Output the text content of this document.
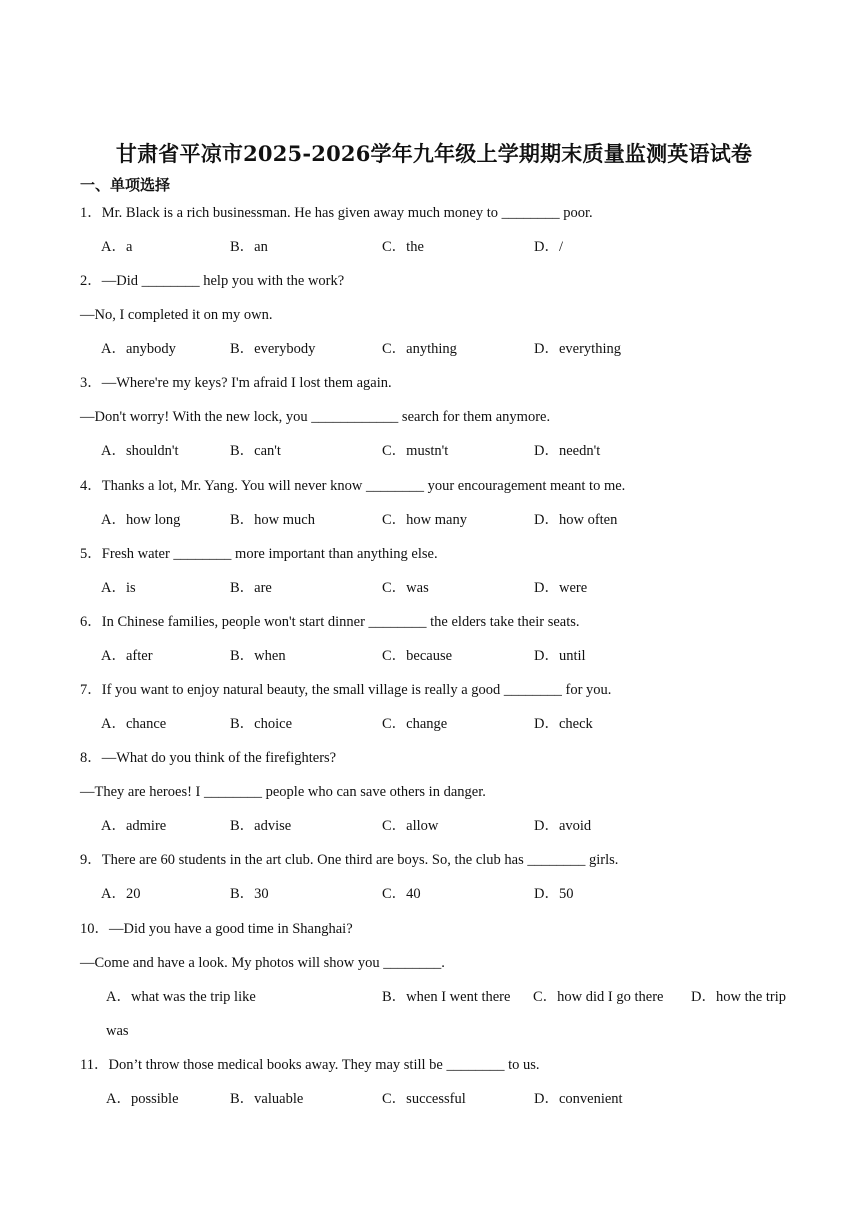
甘肃省平凉市2025-2026学年九年级上学期期末质量监测英语试卷
一、单项选择
1．Mr. Black is a rich businessman. He has given away much money to ________ poor.
A．a	B．an	C．the	D．/
2．—Did ________ help you with the work?
—No, I completed it on my own.
A．anybody	B．everybody	C．anything	D．everything
3．—Where're my keys? I'm afraid I lost them again.
—Don't worry! With the new lock, you ____________ search for them anymore.
A．shouldn't	B．can't	C．mustn't	D．needn't
4．Thanks a lot, Mr. Yang. You will never know ________ your encouragement meant to me.
A．how long	B．how much	C．how many	D．how often
5．Fresh water ________ more important than anything else.
A．is	B．are	C．was	D．were
6．In Chinese families, people won't start dinner ________ the elders take their seats.
A．after	B．when	C．because	D．until
7．If you want to enjoy natural beauty, the small village is really a good ________ for you.
A．chance	B．choice	C．change	D．check
8．—What do you think of the firefighters?
—They are heroes! I ________ people who can save others in danger.
A．admire	B．advise	C．allow	D．avoid
9．There are 60 students in the art club. One third are boys. So, the club has ________ girls.
A．20	B．30	C．40	D．50
10．—Did you have a good time in Shanghai?
—Come and have a look. My photos will show you ________.
A．what was the trip like	B．when I went there C．how did I go there D．how the trip
was
11．Don’t throw those medical books away. They may still be ________ to us.
A．possible	B．valuable	C．successful	D．convenient
